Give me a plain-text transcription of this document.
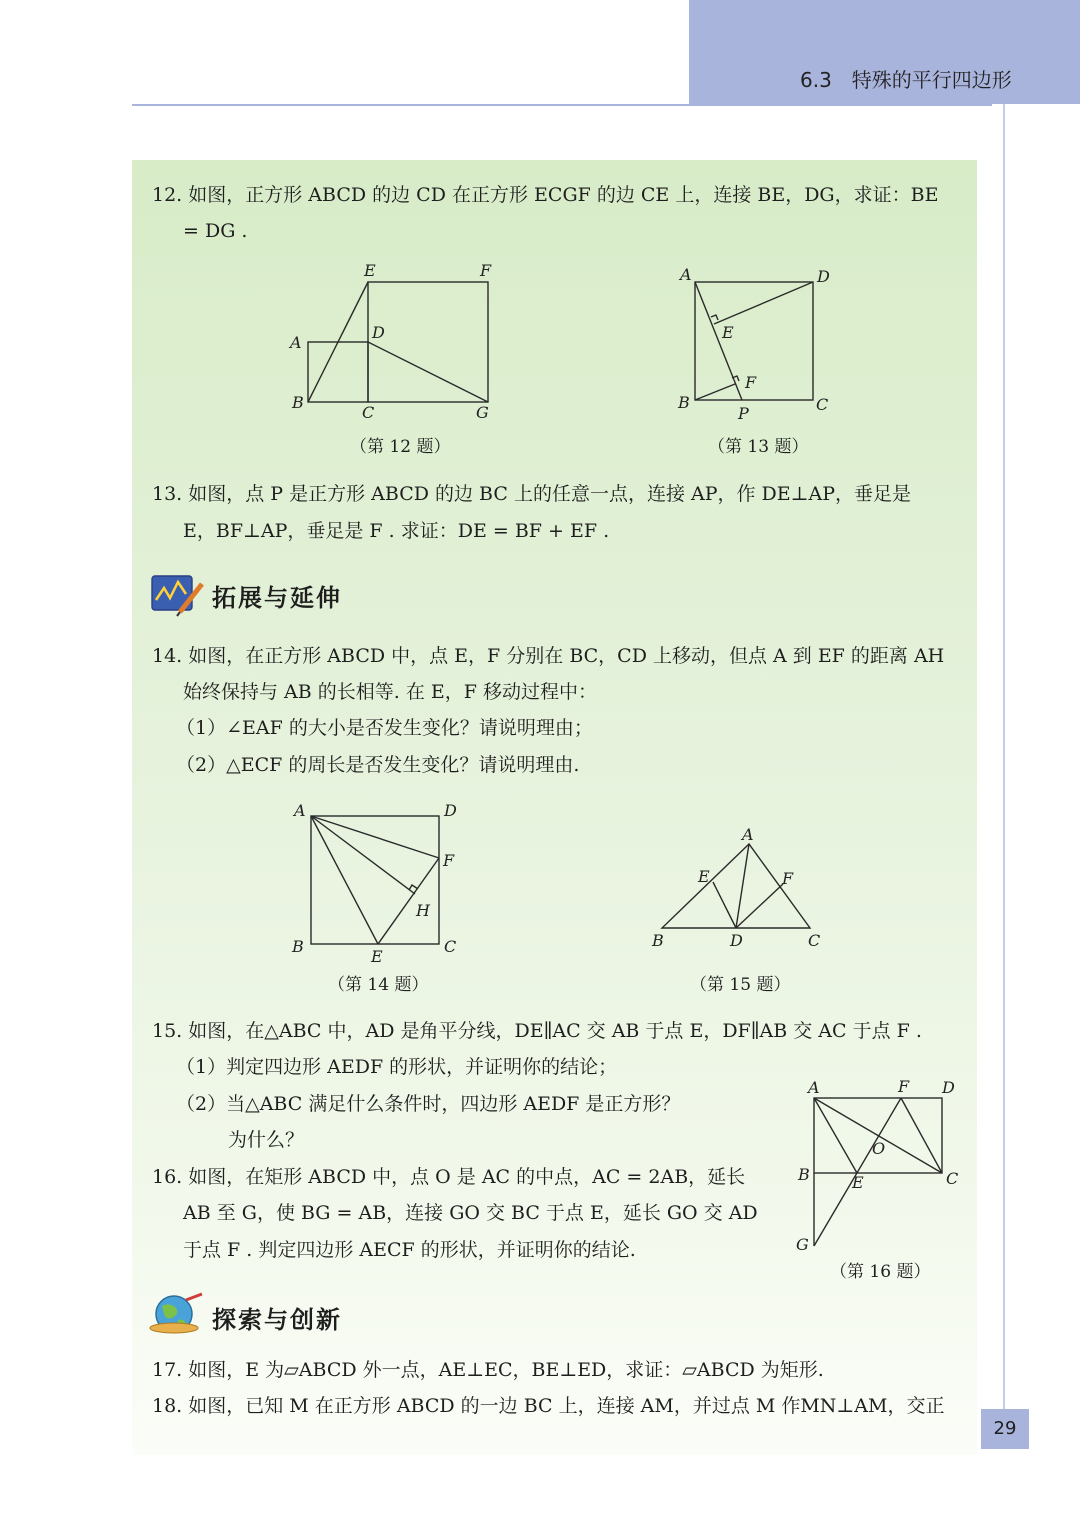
6.3　特殊的平行四边形
12. 如图，正方形 ABCD 的边 CD 在正方形 ECGF 的边 CE 上，连接 BE，DG，求证：BE
= DG .
A
B
C
D
E	F
G
（第 12 题）
A
B	C
D
E
F
P
（第 13 题）
13. 如图，点 P 是正方形 ABCD 的边 BC 上的任意一点，连接 AP，作 DE⊥AP，垂足是
E，BF⊥AP，垂足是 F . 求证：DE = BF + EF .
拓展与延伸
14. 如图，在正方形 ABCD 中，点 E，F 分别在 BC，CD 上移动，但点 A 到 EF 的距离 AH
始终保持与 AB 的长相等. 在 E，F 移动过程中：
（1）∠EAF 的大小是否发生变化？请说明理由；
（2）△ECF 的周长是否发生变化？请说明理由.
A
B	C
D
E
F
H
（第 14 题）
A
B	C
D
E	F
（第 15 题）
15. 如图，在△ABC 中，AD 是角平分线，DE∥AC 交 AB 于点 E，DF∥AB 交 AC 于点 F .
（1）判定四边形 AEDF 的形状，并证明你的结论；
（2）当△ABC 满足什么条件时，四边形 AEDF 是正方形？
为什么？
16. 如图，在矩形 ABCD 中，点 O 是 AC 的中点，AC = 2AB，延长
AB 至 G，使 BG = AB，连接 GO 交 BC 于点 E，延长 GO 交 AD
于点 F . 判定四边形 AECF 的形状，并证明你的结论.
A
B	C
D
E
F
G
O
（第 16 题）
探索与创新
17. 如图，E 为▱ABCD 外一点，AE⊥EC，BE⊥ED，求证：▱ABCD 为矩形.
18. 如图，已知 M 在正方形 ABCD 的一边 BC 上，连接 AM，并过点 M 作MN⊥AM，交正
29
